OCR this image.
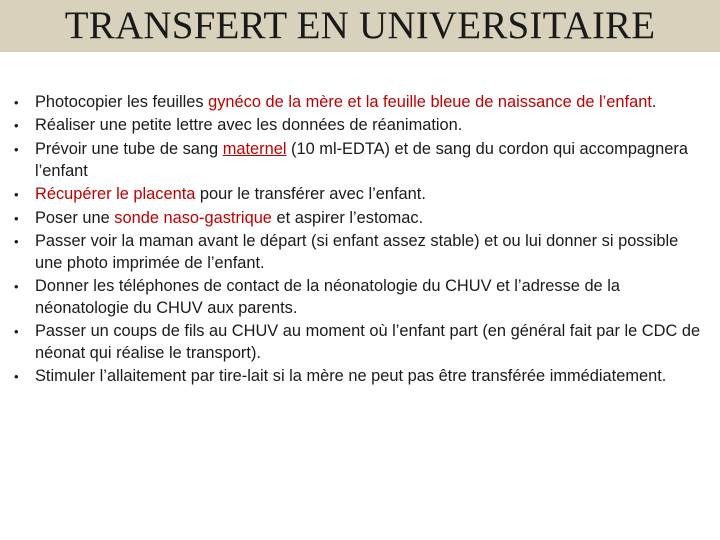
TRANSFERT EN UNIVERSITAIRE
•	Photocopier les feuilles gynéco de la mère et la feuille bleue de naissance de l’enfant.
•	Réaliser une petite lettre avec les données de réanimation.
•	Prévoir une tube de sang maternel (10 ml-EDTA) et de sang du cordon qui accompagnera l’enfant
•	Récupérer le placenta pour le transférer avec l’enfant.
•	Poser une sonde naso-gastrique et aspirer l’estomac.
•	Passer voir la maman avant le départ (si enfant assez stable) et ou lui donner si possible une photo imprimée de l’enfant.
•	Donner les téléphones de contact de la néonatologie du CHUV et l’adresse de la néonatologie du CHUV aux parents.
•	Passer un coups de fils au CHUV au moment où l’enfant part (en général fait par le CDC de néonat qui réalise le transport).
•	Stimuler l’allaitement par tire-lait si la mère ne peut pas être transférée immédiatement.
